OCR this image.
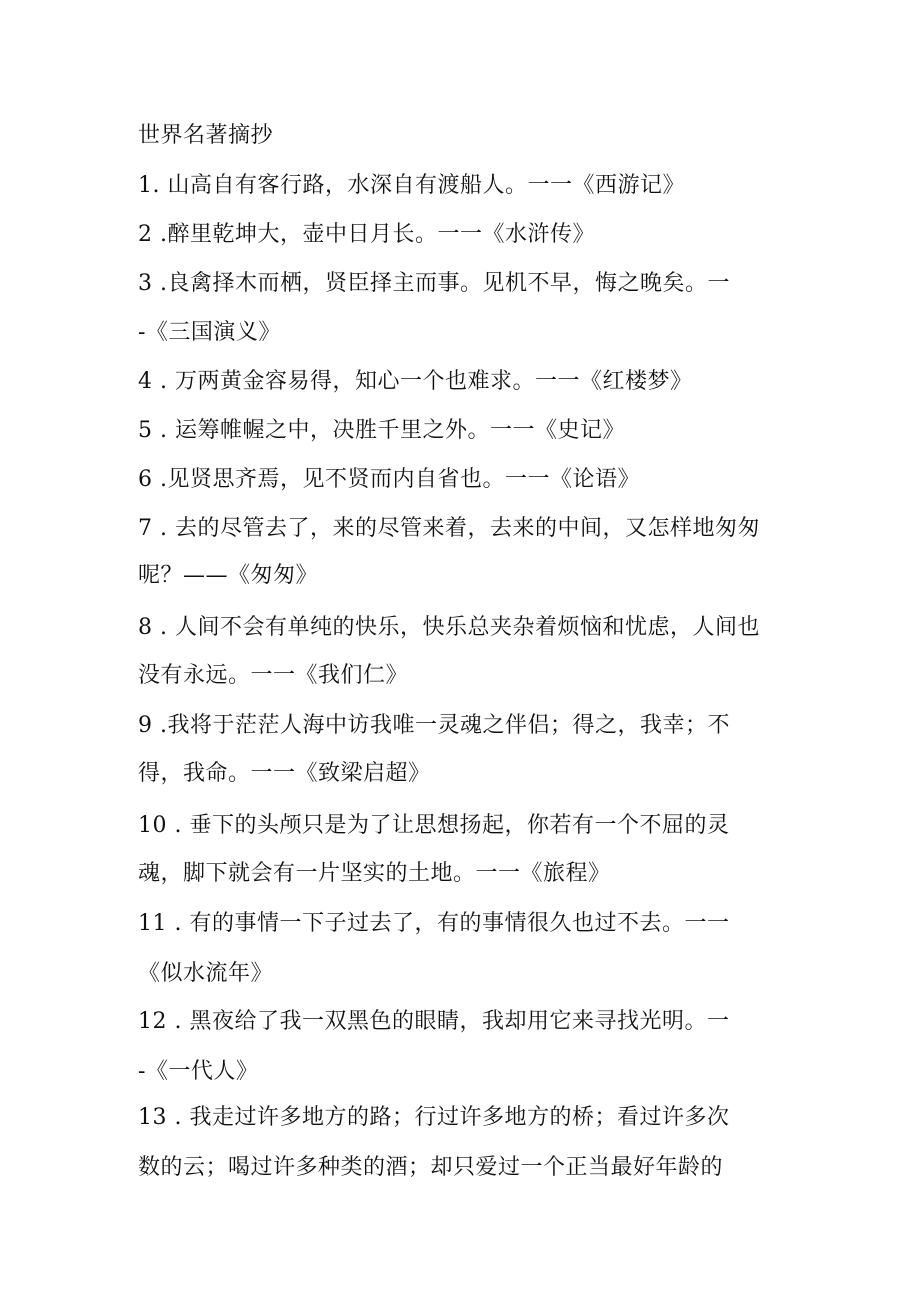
世界名著摘抄
1. 山高自有客行路，水深自有渡船人。一一《西游记》
2 .醉里乾坤大，壶中日月长。一一《水浒传》
3 .良禽择木而栖，贤臣择主而事。见机不早，悔之晚矣。一
-《三国演义》
4 . 万两黄金容易得，知心一个也难求。一一《红楼梦》
5 . 运筹帷幄之中，决胜千里之外。一一《史记》
6 .见贤思齐焉，见不贤而内自省也。一一《论语》
7 . 去的尽管去了，来的尽管来着，去来的中间，又怎样地匆匆
呢？——《匆匆》
8 . 人间不会有单纯的快乐，快乐总夹杂着烦恼和忧虑，人间也
没有永远。一一《我们仁》
9 .我将于茫茫人海中访我唯一灵魂之伴侣；得之，我幸；不
得，我命。一一《致梁启超》
10 . 垂下的头颅只是为了让思想扬起，你若有一个不屈的灵
魂，脚下就会有一片坚实的土地。一一《旅程》
11 . 有的事情一下子过去了，有的事情很久也过不去。一一
《似水流年》
12 . 黑夜给了我一双黑色的眼睛，我却用它来寻找光明。一
-《一代人》
13 . 我走过许多地方的路；行过许多地方的桥；看过许多次
数的云；喝过许多种类的酒；却只爱过一个正当最好年龄的
